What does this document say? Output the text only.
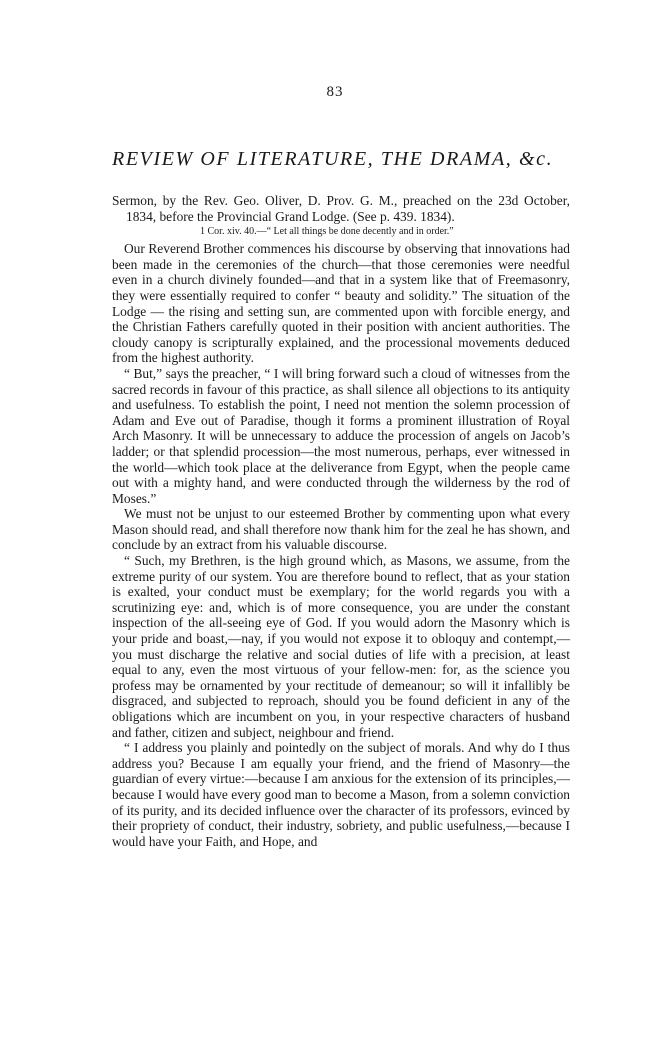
83
REVIEW OF LITERATURE, THE DRAMA, &c.

Sermon, by the Rev. Geo. Oliver, D. Prov. G. M., preached on the 23d October, 1834, before the Provincial Grand Lodge. (See p. 439. 1834).

1 Cor. xiv. 40.—“ Let all things be done decently and in order.”

Our Reverend Brother commences his discourse by observing that innovations had been made in the ceremonies of the church—that those ceremonies were needful even in a church divinely founded—and that in a system like that of Freemasonry, they were essentially required to confer “ beauty and solidity.” The situation of the Lodge — the rising and setting sun, are commented upon with forcible energy, and the Christian Fathers carefully quoted in their position with ancient authorities. The cloudy canopy is scripturally explained, and the processional movements deduced from the highest authority.

“ But,” says the preacher, “ I will bring forward such a cloud of witnesses from the sacred records in favour of this practice, as shall silence all objections to its antiquity and usefulness. To establish the point, I need not mention the solemn procession of Adam and Eve out of Paradise, though it forms a prominent illustration of Royal Arch Masonry. It will be unnecessary to adduce the procession of angels on Jacob’s ladder; or that splendid procession—the most numerous, perhaps, ever witnessed in the world—which took place at the deliverance from Egypt, when the people came out with a mighty hand, and were conducted through the wilderness by the rod of Moses.”

We must not be unjust to our esteemed Brother by commenting upon what every Mason should read, and shall therefore now thank him for the zeal he has shown, and conclude by an extract from his valuable discourse.

“ Such, my Brethren, is the high ground which, as Masons, we assume, from the extreme purity of our system. You are therefore bound to reflect, that as your station is exalted, your conduct must be exemplary; for the world regards you with a scrutinizing eye: and, which is of more consequence, you are under the constant inspection of the all-seeing eye of God. If you would adorn the Masonry which is your pride and boast,—nay, if you would not expose it to obloquy and contempt,—you must discharge the relative and social duties of life with a precision, at least equal to any, even the most virtuous of your fellow-men: for, as the science you profess may be ornamented by your rectitude of demeanour; so will it infallibly be disgraced, and subjected to reproach, should you be found deficient in any of the obligations which are incumbent on you, in your respective characters of husband and father, citizen and subject, neighbour and friend.

“ I address you plainly and pointedly on the subject of morals. And why do I thus address you? Because I am equally your friend, and the friend of Masonry—the guardian of every virtue:—because I am anxious for the extension of its principles,—because I would have every good man to become a Mason, from a solemn conviction of its purity, and its decided influence over the character of its professors, evinced by their propriety of conduct, their industry, sobriety, and public usefulness,—because I would have your Faith, and Hope, and
